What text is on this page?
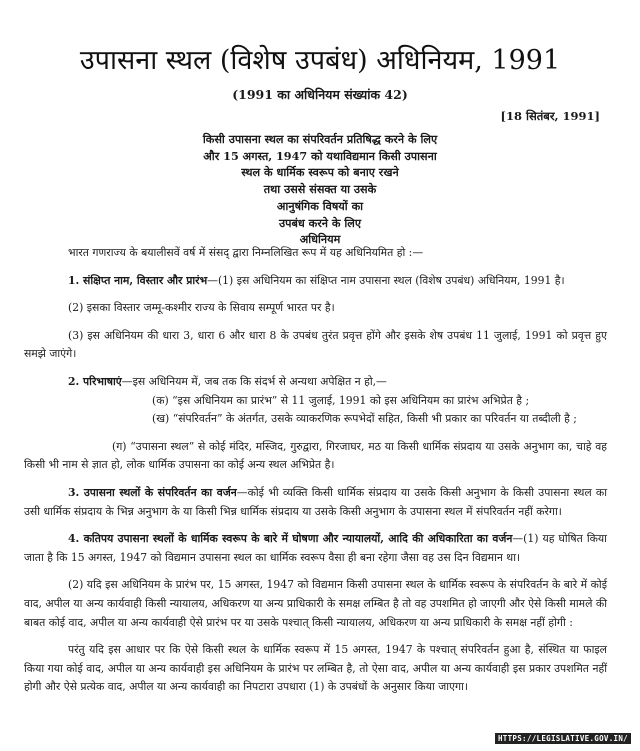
उपासना स्थल (विशेष उपबंध) अधिनियम, 1991
(1991 का अधिनियम संख्यांक 42)
[18 सितंबर, 1991]
किसी उपासना स्थल का संपरिवर्तन प्रतिषिद्ध करने के लिए
और 15 अगस्त, 1947 को यथाविद्यमान किसी उपासना
स्थल के धार्मिक स्वरूप को बनाए रखने
तथा उससे संसक्त या उसके
आनुषंगिक विषयों का
उपबंध करने के लिए
अधिनियम

भारत गणराज्य के बयालीसवें वर्ष में संसद् द्वारा निम्नलिखित रूप में यह अधिनियमित हो :—

1. संक्षिप्त नाम, विस्तार और प्रारंभ—(1) इस अधिनियम का संक्षिप्त नाम उपासना स्थल (विशेष उपबंध) अधिनियम, 1991 है।

(2) इसका विस्तार जम्मू-कश्मीर राज्य के सिवाय सम्पूर्ण भारत पर है।

(3) इस अधिनियम की धारा 3, धारा 6 और धारा 8 के उपबंध तुरंत प्रवृत्त होंगे और इसके शेष उपबंध 11 जुलाई, 1991 को प्रवृत्त हुए समझे जाएंगे।

2. परिभाषाएं—इस अधिनियम में, जब तक कि संदर्भ से अन्यथा अपेक्षित न हो,—

(क) “इस अधिनियम का प्रारंभ” से 11 जुलाई, 1991 को इस अधिनियम का प्रारंभ अभिप्रेत है ;

(ख) “संपरिवर्तन” के अंतर्गत, उसके व्याकरणिक रूपभेदों सहित, किसी भी प्रकार का परिवर्तन या तब्दीली है ;

(ग) “उपासना स्थल” से कोई मंदिर, मस्जिद, गुरुद्वारा, गिरजाघर, मठ या किसी धार्मिक संप्रदाय या उसके अनुभाग का, चाहे वह किसी भी नाम से ज्ञात हो, लोक धार्मिक उपासना का कोई अन्य स्थल अभिप्रेत है।

3. उपासना स्थलों के संपरिवर्तन का वर्जन—कोई भी व्यक्ति किसी धार्मिक संप्रदाय या उसके किसी अनुभाग के किसी उपासना स्थल का उसी धार्मिक संप्रदाय के भिन्न अनुभाग के या किसी भिन्न धार्मिक संप्रदाय या उसके किसी अनुभाग के उपासना स्थल में संपरिवर्तन नहीं करेगा।

4. कतिपय उपासना स्थलों के धार्मिक स्वरूप के बारे में घोषणा और न्यायालयों, आदि की अधिकारिता का वर्जन—(1) यह घोषित किया जाता है कि 15 अगस्त, 1947 को विद्यमान उपासना स्थल का धार्मिक स्वरूप वैसा ही बना रहेगा जैसा वह उस दिन विद्यमान था।

(2) यदि इस अधिनियम के प्रारंभ पर, 15 अगस्त, 1947 को विद्यमान किसी उपासना स्थल के धार्मिक स्वरूप के संपरिवर्तन के बारे में कोई वाद, अपील या अन्य कार्यवाही किसी न्यायालय, अधिकरण या अन्य प्राधिकारी के समक्ष लम्बित है तो वह उपशमित हो जाएगी और ऐसे किसी मामले की बाबत कोई वाद, अपील या अन्य कार्यवाही ऐसे प्रारंभ पर या उसके पश्चात् किसी न्यायालय, अधिकरण या अन्य प्राधिकारी के समक्ष नहीं होगी :

परंतु यदि इस आधार पर कि ऐसे किसी स्थल के धार्मिक स्वरूप में 15 अगस्त, 1947 के पश्चात् संपरिवर्तन हुआ है, संस्थित या फाइल किया गया कोई वाद, अपील या अन्य कार्यवाही इस अधिनियम के प्रारंभ पर लम्बित है, तो ऐसा वाद, अपील या अन्य कार्यवाही इस प्रकार उपशमित नहीं होगी और ऐसे प्रत्येक वाद, अपील या अन्य कार्यवाही का निपटारा उपधारा (1) के उपबंधों के अनुसार किया जाएगा।

HTTPS://LEGISLATIVE.GOV.IN/
